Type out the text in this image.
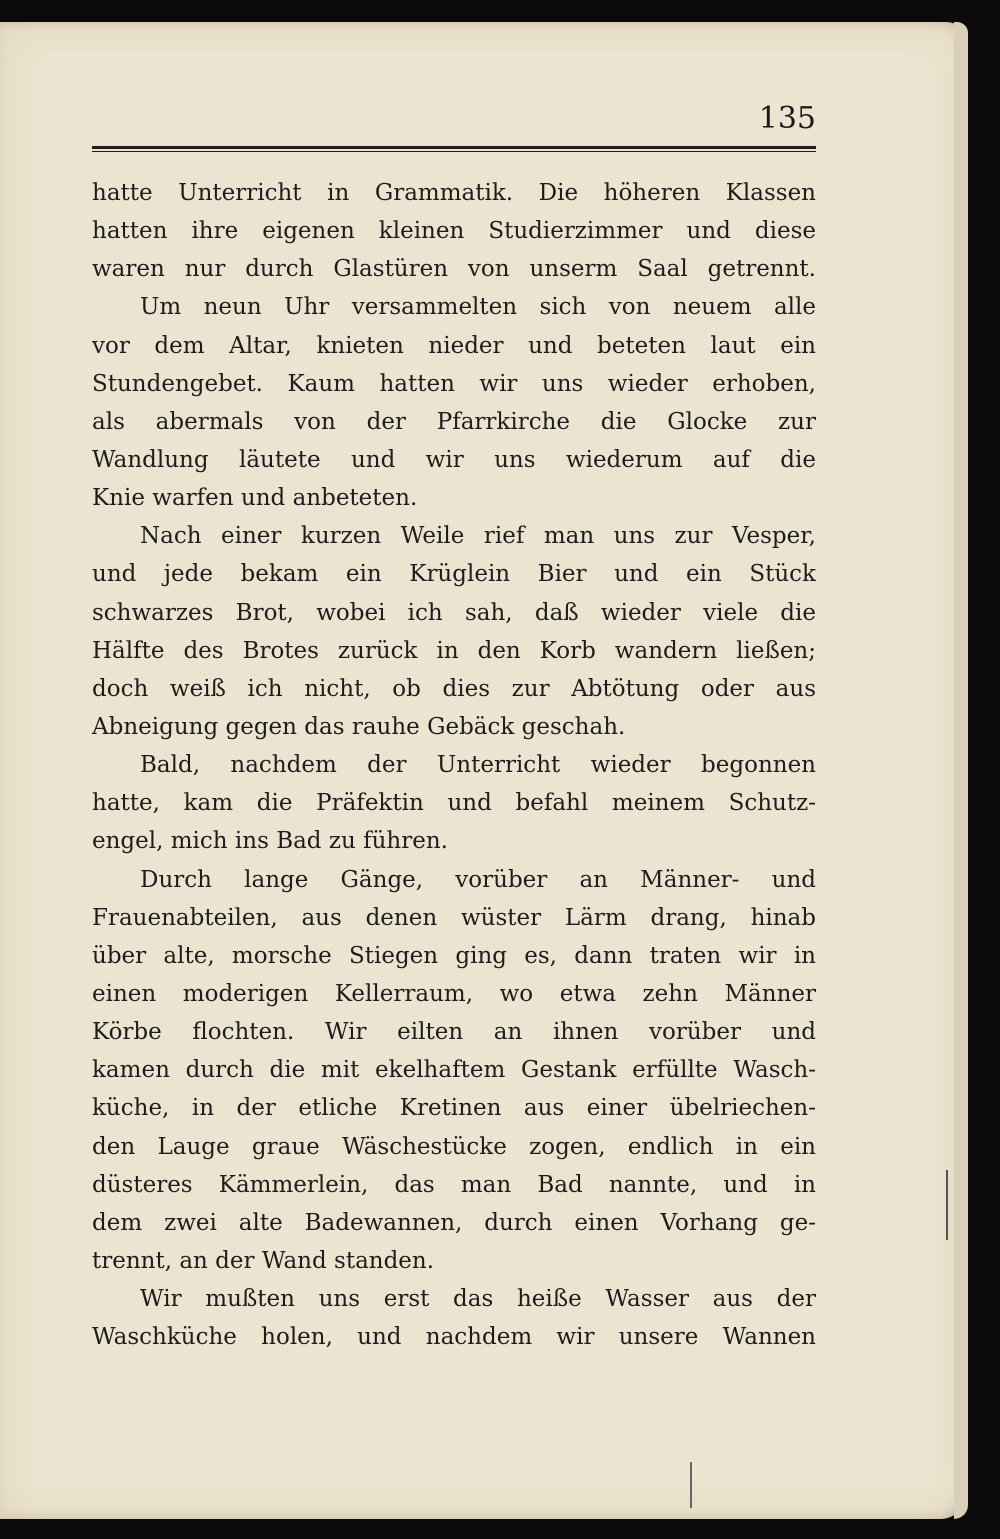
135
hatte Unterricht in Grammatik. Die höheren Klassen
hatten ihre eigenen kleinen Studierzimmer und diese
waren nur durch Glastüren von unserm Saal getrennt.
Um neun Uhr versammelten sich von neuem alle
vor dem Altar, knieten nieder und beteten laut ein
Stundengebet. Kaum hatten wir uns wieder erhoben,
als abermals von der Pfarrkirche die Glocke zur
Wandlung läutete und wir uns wiederum auf die
Knie warfen und anbeteten.
Nach einer kurzen Weile rief man uns zur Vesper,
und jede bekam ein Krüglein Bier und ein Stück
schwarzes Brot, wobei ich sah, daß wieder viele die
Hälfte des Brotes zurück in den Korb wandern ließen;
doch weiß ich nicht, ob dies zur Abtötung oder aus
Abneigung gegen das rauhe Gebäck geschah.
Bald, nachdem der Unterricht wieder begonnen
hatte, kam die Präfektin und befahl meinem Schutz-
engel, mich ins Bad zu führen.
Durch lange Gänge, vorüber an Männer- und
Frauenabteilen, aus denen wüster Lärm drang, hinab
über alte, morsche Stiegen ging es, dann traten wir in
einen moderigen Kellerraum, wo etwa zehn Männer
Körbe flochten. Wir eilten an ihnen vorüber und
kamen durch die mit ekelhaftem Gestank erfüllte Wasch-
küche, in der etliche Kretinen aus einer übelriechen-
den Lauge graue Wäschestücke zogen, endlich in ein
düsteres Kämmerlein, das man Bad nannte, und in
dem zwei alte Badewannen, durch einen Vorhang ge-
trennt, an der Wand standen.
Wir mußten uns erst das heiße Wasser aus der
Waschküche holen, und nachdem wir unsere Wannen
